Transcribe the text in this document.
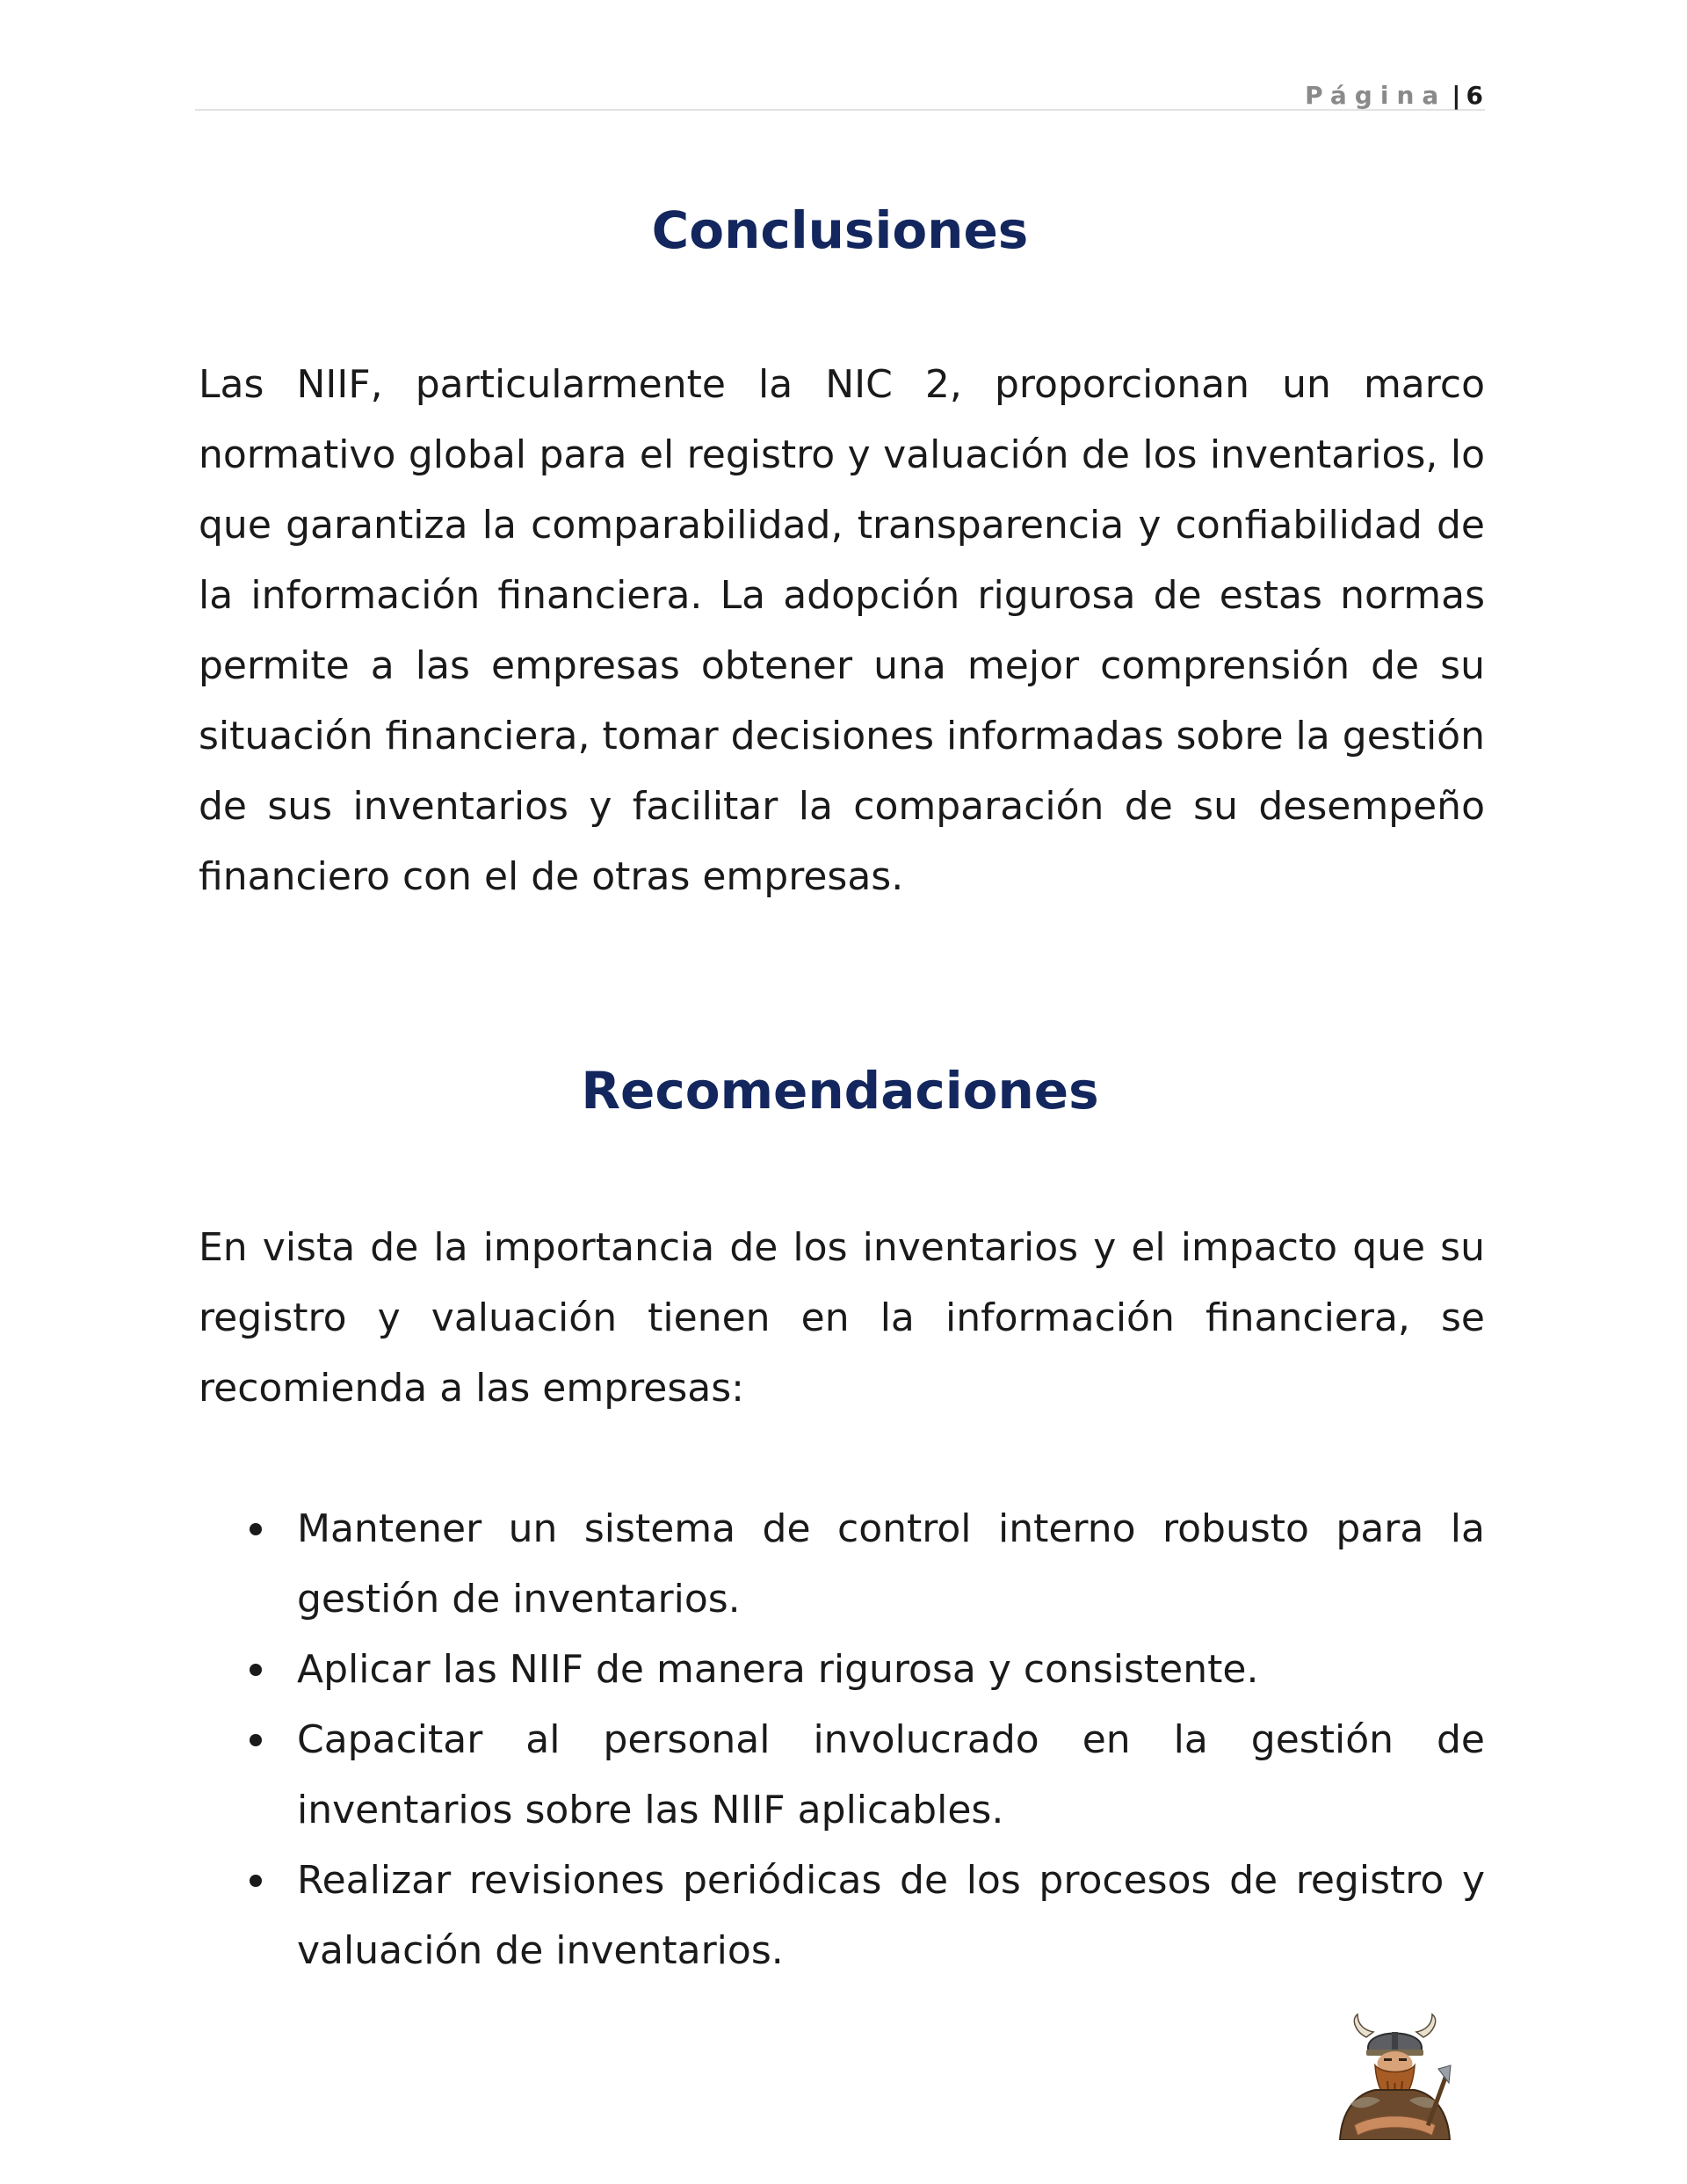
Página | 6
Conclusiones

Las NIIF, particularmente la NIC 2, proporcionan un marco normativo global para el registro y valuación de los inventarios, lo que garantiza la comparabilidad, transparencia y confiabilidad de la información financiera. La adopción rigurosa de estas normas permite a las empresas obtener una mejor comprensión de su situación financiera, tomar decisiones informadas sobre la gestión de sus inventarios y facilitar la comparación de su desempeño financiero con el de otras empresas.

Recomendaciones

En vista de la importancia de los inventarios y el impacto que su registro y valuación tienen en la información financiera, se recomienda a las empresas:

Mantener un sistema de control interno robusto para la gestión de inventarios.
Aplicar las NIIF de manera rigurosa y consistente.
Capacitar al personal involucrado en la gestión de inventarios sobre las NIIF aplicables.
Realizar revisiones periódicas de los procesos de registro y valuación de inventarios.
